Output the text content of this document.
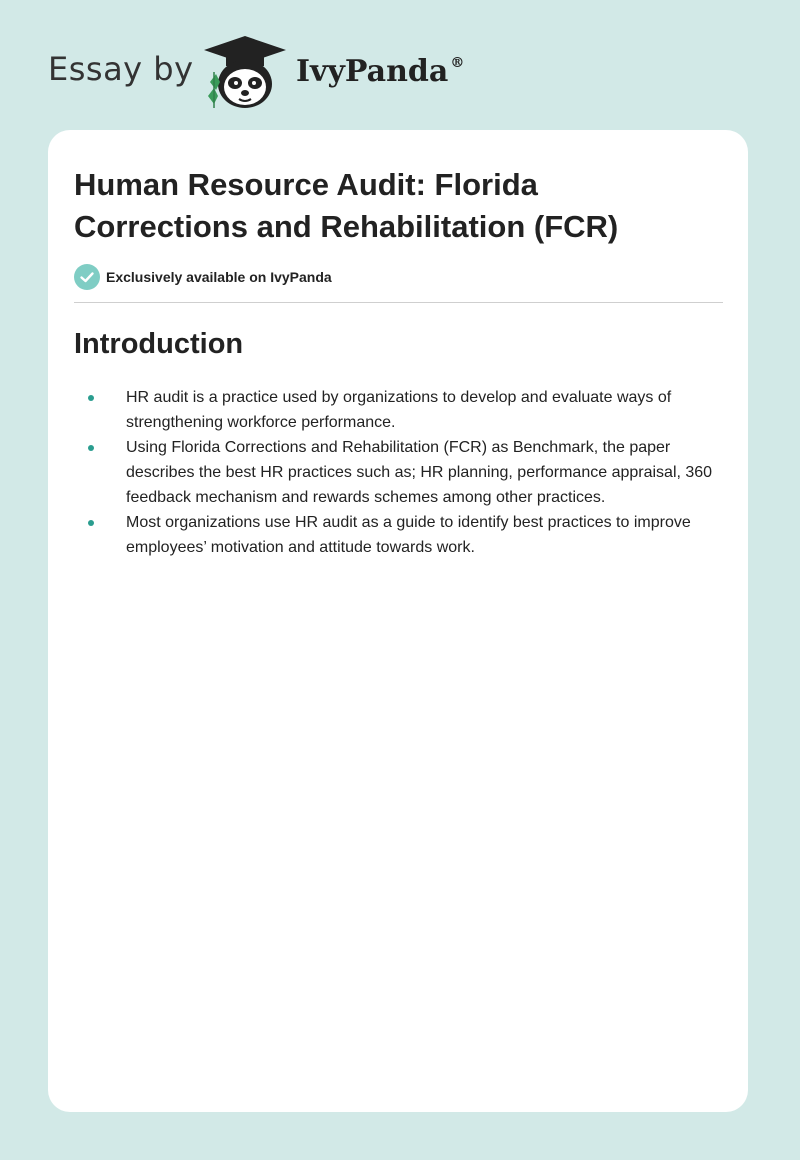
Essay by	IvyPanda ®
Human Resource Audit: Florida Corrections and Rehabilitation (FCR)
Exclusively available on IvyPanda
Introduction
HR audit is a practice used by organizations to develop and evaluate ways of strengthening workforce performance.
Using Florida Corrections and Rehabilitation (FCR) as Benchmark, the paper describes the best HR practices such as; HR planning, performance appraisal, 360 feedback mechanism and rewards schemes among other practices.
Most organizations use HR audit as a guide to identify best practices to improve employees’ motivation and attitude towards work.
